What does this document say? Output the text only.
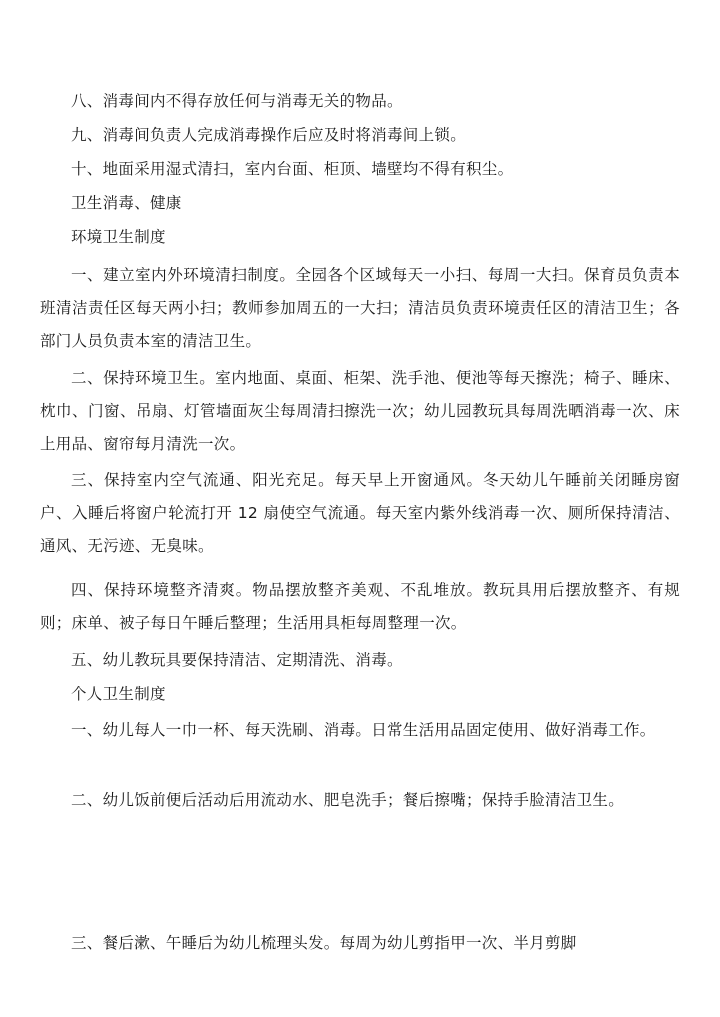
八、消毒间内不得存放任何与消毒无关的物品。

九、消毒间负责人完成消毒操作后应及时将消毒间上锁。

十、地面采用湿式清扫，室内台面、柜顶、墙壁均不得有积尘。

卫生消毒、健康

环境卫生制度

一、建立室内外环境清扫制度。全园各个区域每天一小扫、每周一大扫。保育员负责本班清洁责任区每天两小扫；教师参加周五的一大扫；清洁员负责环境责任区的清洁卫生；各部门人员负责本室的清洁卫生。

二、保持环境卫生。室内地面、桌面、柜架、洗手池、便池等每天擦洗；椅子、睡床、枕巾、门窗、吊扇、灯管墙面灰尘每周清扫擦洗一次；幼儿园教玩具每周洗晒消毒一次、床上用品、窗帘每月清洗一次。

三、保持室内空气流通、阳光充足。每天早上开窗通风。冬天幼儿午睡前关闭睡房窗户、入睡后将窗户轮流打开 12 扇使空气流通。每天室内紫外线消毒一次、厕所保持清洁、通风、无污迹、无臭味。

四、保持环境整齐清爽。物品摆放整齐美观、不乱堆放。教玩具用后摆放整齐、有规则；床单、被子每日午睡后整理；生活用具柜每周整理一次。

五、幼儿教玩具要保持清洁、定期清洗、消毒。

个人卫生制度

一、幼儿每人一巾一杯、每天洗刷、消毒。日常生活用品固定使用、做好消毒工作。

二、幼儿饭前便后活动后用流动水、肥皂洗手；餐后擦嘴；保持手脸清洁卫生。

三、餐后漱、午睡后为幼儿梳理头发。每周为幼儿剪指甲一次、半月剪脚
